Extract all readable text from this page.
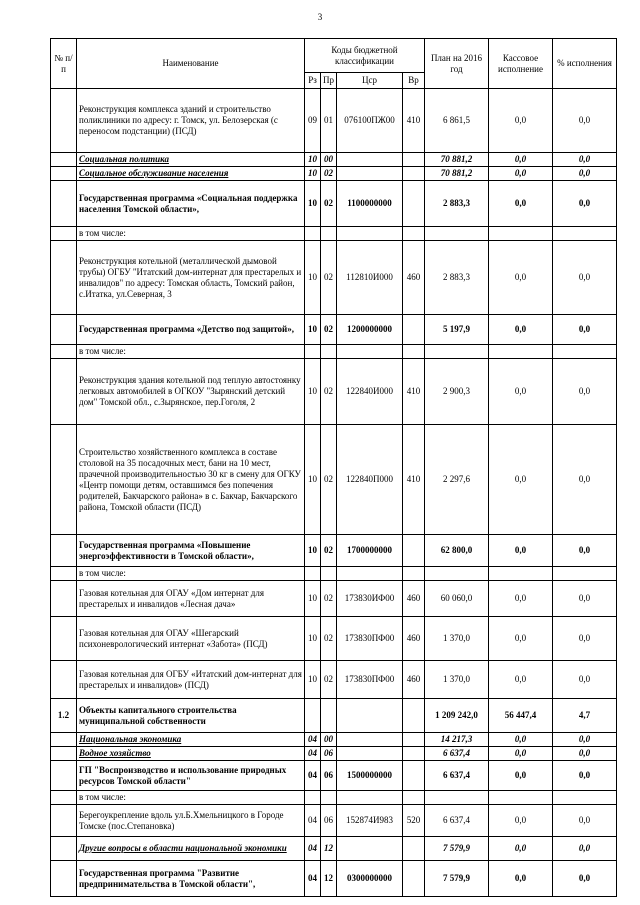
3
№ п/п	Наименование	Коды бюджетной классификации				План на 2016 год	Кассовое исполнение	% исполнения
		Рз	Пр	Цср	Вр			
	Реконструкция комплекса зданий и строительство поликлиники по адресу: г. Томск, ул. Белозерская (с переносом подстанции) (ПСД)	09	01	076100ПЖ00	410	6 861,5	0,0	0,0
	Социальная политика	10	00			70 881,2	0,0	0,0
	Социальное обслуживание населения	10	02			70 881,2	0,0	0,0
	Государственная программа «Социальная поддержка населения Томской области»,	10	02	1100000000		2 883,3	0,0	0,0
	в том числе:							
	Реконструкция котельной (металлической дымовой трубы) ОГБУ "Итатский дом-интернат для престарелых и инвалидов" по адресу: Томская область, Томский район, с.Итатка, ул.Северная, 3	10	02	112810И000	460	2 883,3	0,0	0,0
	Государственная программа «Детство под защитой»,	10	02	1200000000		5 197,9	0,0	0,0
	в том числе:							
	Реконструкция здания котельной под теплую автостоянку легковых автомобилей в ОГКОУ "Зырянский детский дом" Томской обл., с.Зырянское, пер.Гоголя, 2	10	02	122840И000	410	2 900,3	0,0	0,0
	Строительство хозяйственного комплекса в составе столовой на 35 посадочных мест, бани на 10 мест, прачечной производительностью 30 кг в смену для ОГКУ «Центр помощи детям, оставшимся без попечения родителей, Бакчарского района» в с. Бакчар, Бакчарского района, Томской области (ПСД)	10	02	122840П000	410	2 297,6	0,0	0,0
	Государственная программа «Повышение энергоэффективности в Томской области»,	10	02	1700000000		62 800,0	0,0	0,0
	в том числе:							
	Газовая котельная для ОГАУ «Дом интернат для престарелых и инвалидов «Лесная дача»	10	02	173830ИФ00	460	60 060,0	0,0	0,0
	Газовая котельная для ОГАУ «Шегарский психоневрологический интернат «Забота» (ПСД)	10	02	173830ПФ00	460	1 370,0	0,0	0,0
	Газовая котельная для ОГБУ «Итатский дом-интернат для престарелых и инвалидов» (ПСД)	10	02	173830ПФ00	460	1 370,0	0,0	0,0
1.2	Объекты капитального строительства муниципальной собственности					1 209 242,0	56 447,4	4,7
	Национальная экономика	04	00			14 217,3	0,0	0,0
	Водное хозяйство	04	06			6 637,4	0,0	0,0
	ГП "Воспроизводство и использование природных ресурсов Томской области"	04	06	1500000000		6 637,4	0,0	0,0
	в том числе:							
	Берегоукрепление вдоль ул.Б.Хмельницкого в Городе Томске (пос.Степановка)	04	06	152874И983	520	6 637,4	0,0	0,0
	Другие вопросы в области национальной экономики	04	12			7 579,9	0,0	0,0
	Государственная программа "Развитие предпринимательства в Томской области",	04	12	0300000000		7 579,9	0,0	0,0
